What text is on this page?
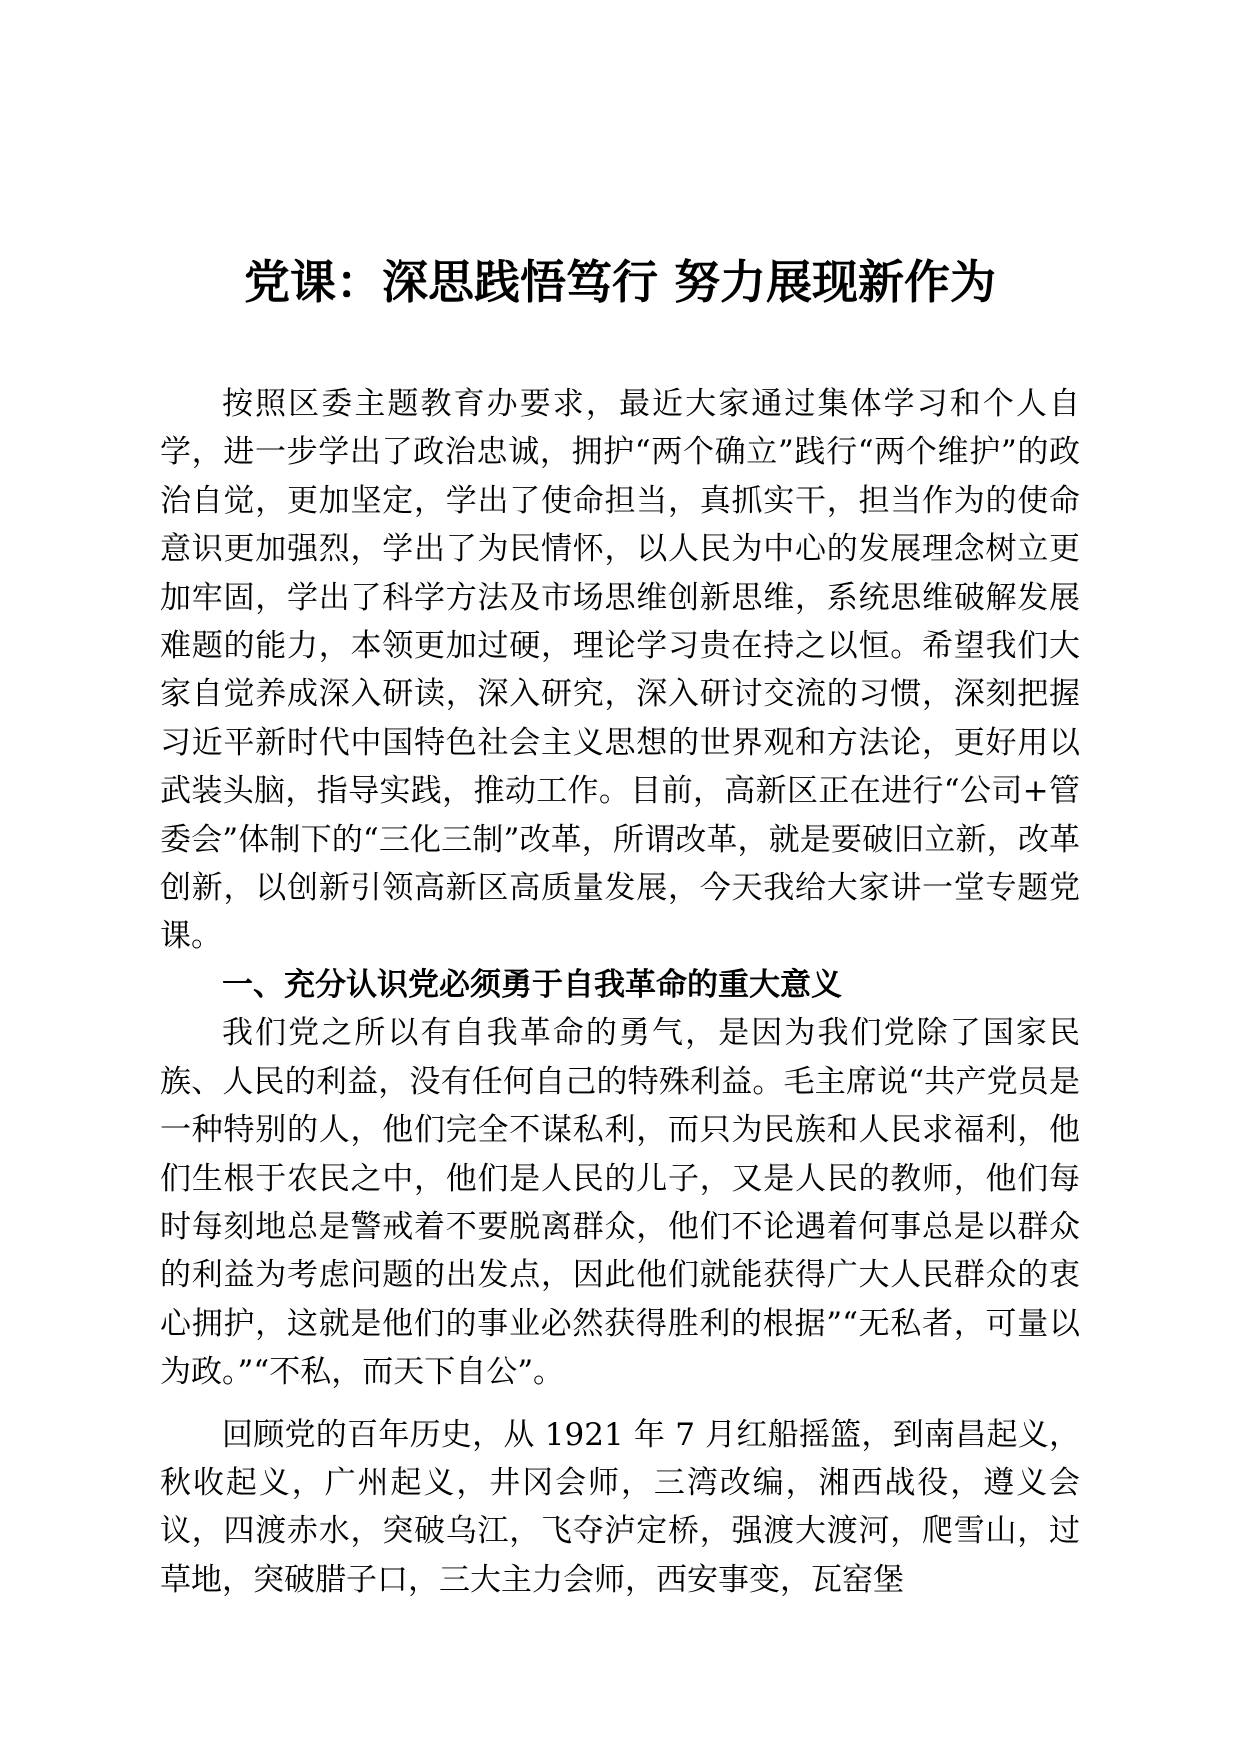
党课：深思践悟笃行 努力展现新作为

按照区委主题教育办要求，最近大家通过集体学习和个人自学，进一步学出了政治忠诚，拥护“两个确立”践行“两个维护”的政治自觉，更加坚定，学出了使命担当，真抓实干，担当作为的使命意识更加强烈，学出了为民情怀，以人民为中心的发展理念树立更加牢固，学出了科学方法及市场思维创新思维，系统思维破解发展难题的能力，本领更加过硬，理论学习贵在持之以恒。希望我们大家自觉养成深入研读，深入研究，深入研讨交流的习惯，深刻把握习近平新时代中国特色社会主义思想的世界观和方法论，更好用以武装头脑，指导实践，推动工作。目前，高新区正在进行“公司+管委会”体制下的“三化三制”改革，所谓改革，就是要破旧立新，改革创新，以创新引领高新区高质量发展，今天我给大家讲一堂专题党课。

一、充分认识党必须勇于自我革命的重大意义

我们党之所以有自我革命的勇气，是因为我们党除了国家民族、人民的利益，没有任何自己的特殊利益。毛主席说“共产党员是一种特别的人，他们完全不谋私利，而只为民族和人民求福利，他们生根于农民之中，他们是人民的儿子，又是人民的教师，他们每时每刻地总是警戒着不要脱离群众，他们不论遇着何事总是以群众的利益为考虑问题的出发点，因此他们就能获得广大人民群众的衷心拥护，这就是他们的事业必然获得胜利的根据”“无私者，可量以为政。”“不私，而天下自公”。

回顾党的百年历史，从 1921 年 7 月红船摇篮，到南昌起义，秋收起义，广州起义，井冈会师，三湾改编，湘西战役，遵义会议，四渡赤水，突破乌江，飞夺泸定桥，强渡大渡河，爬雪山，过草地，突破腊子口，三大主力会师，西安事变，瓦窑堡
